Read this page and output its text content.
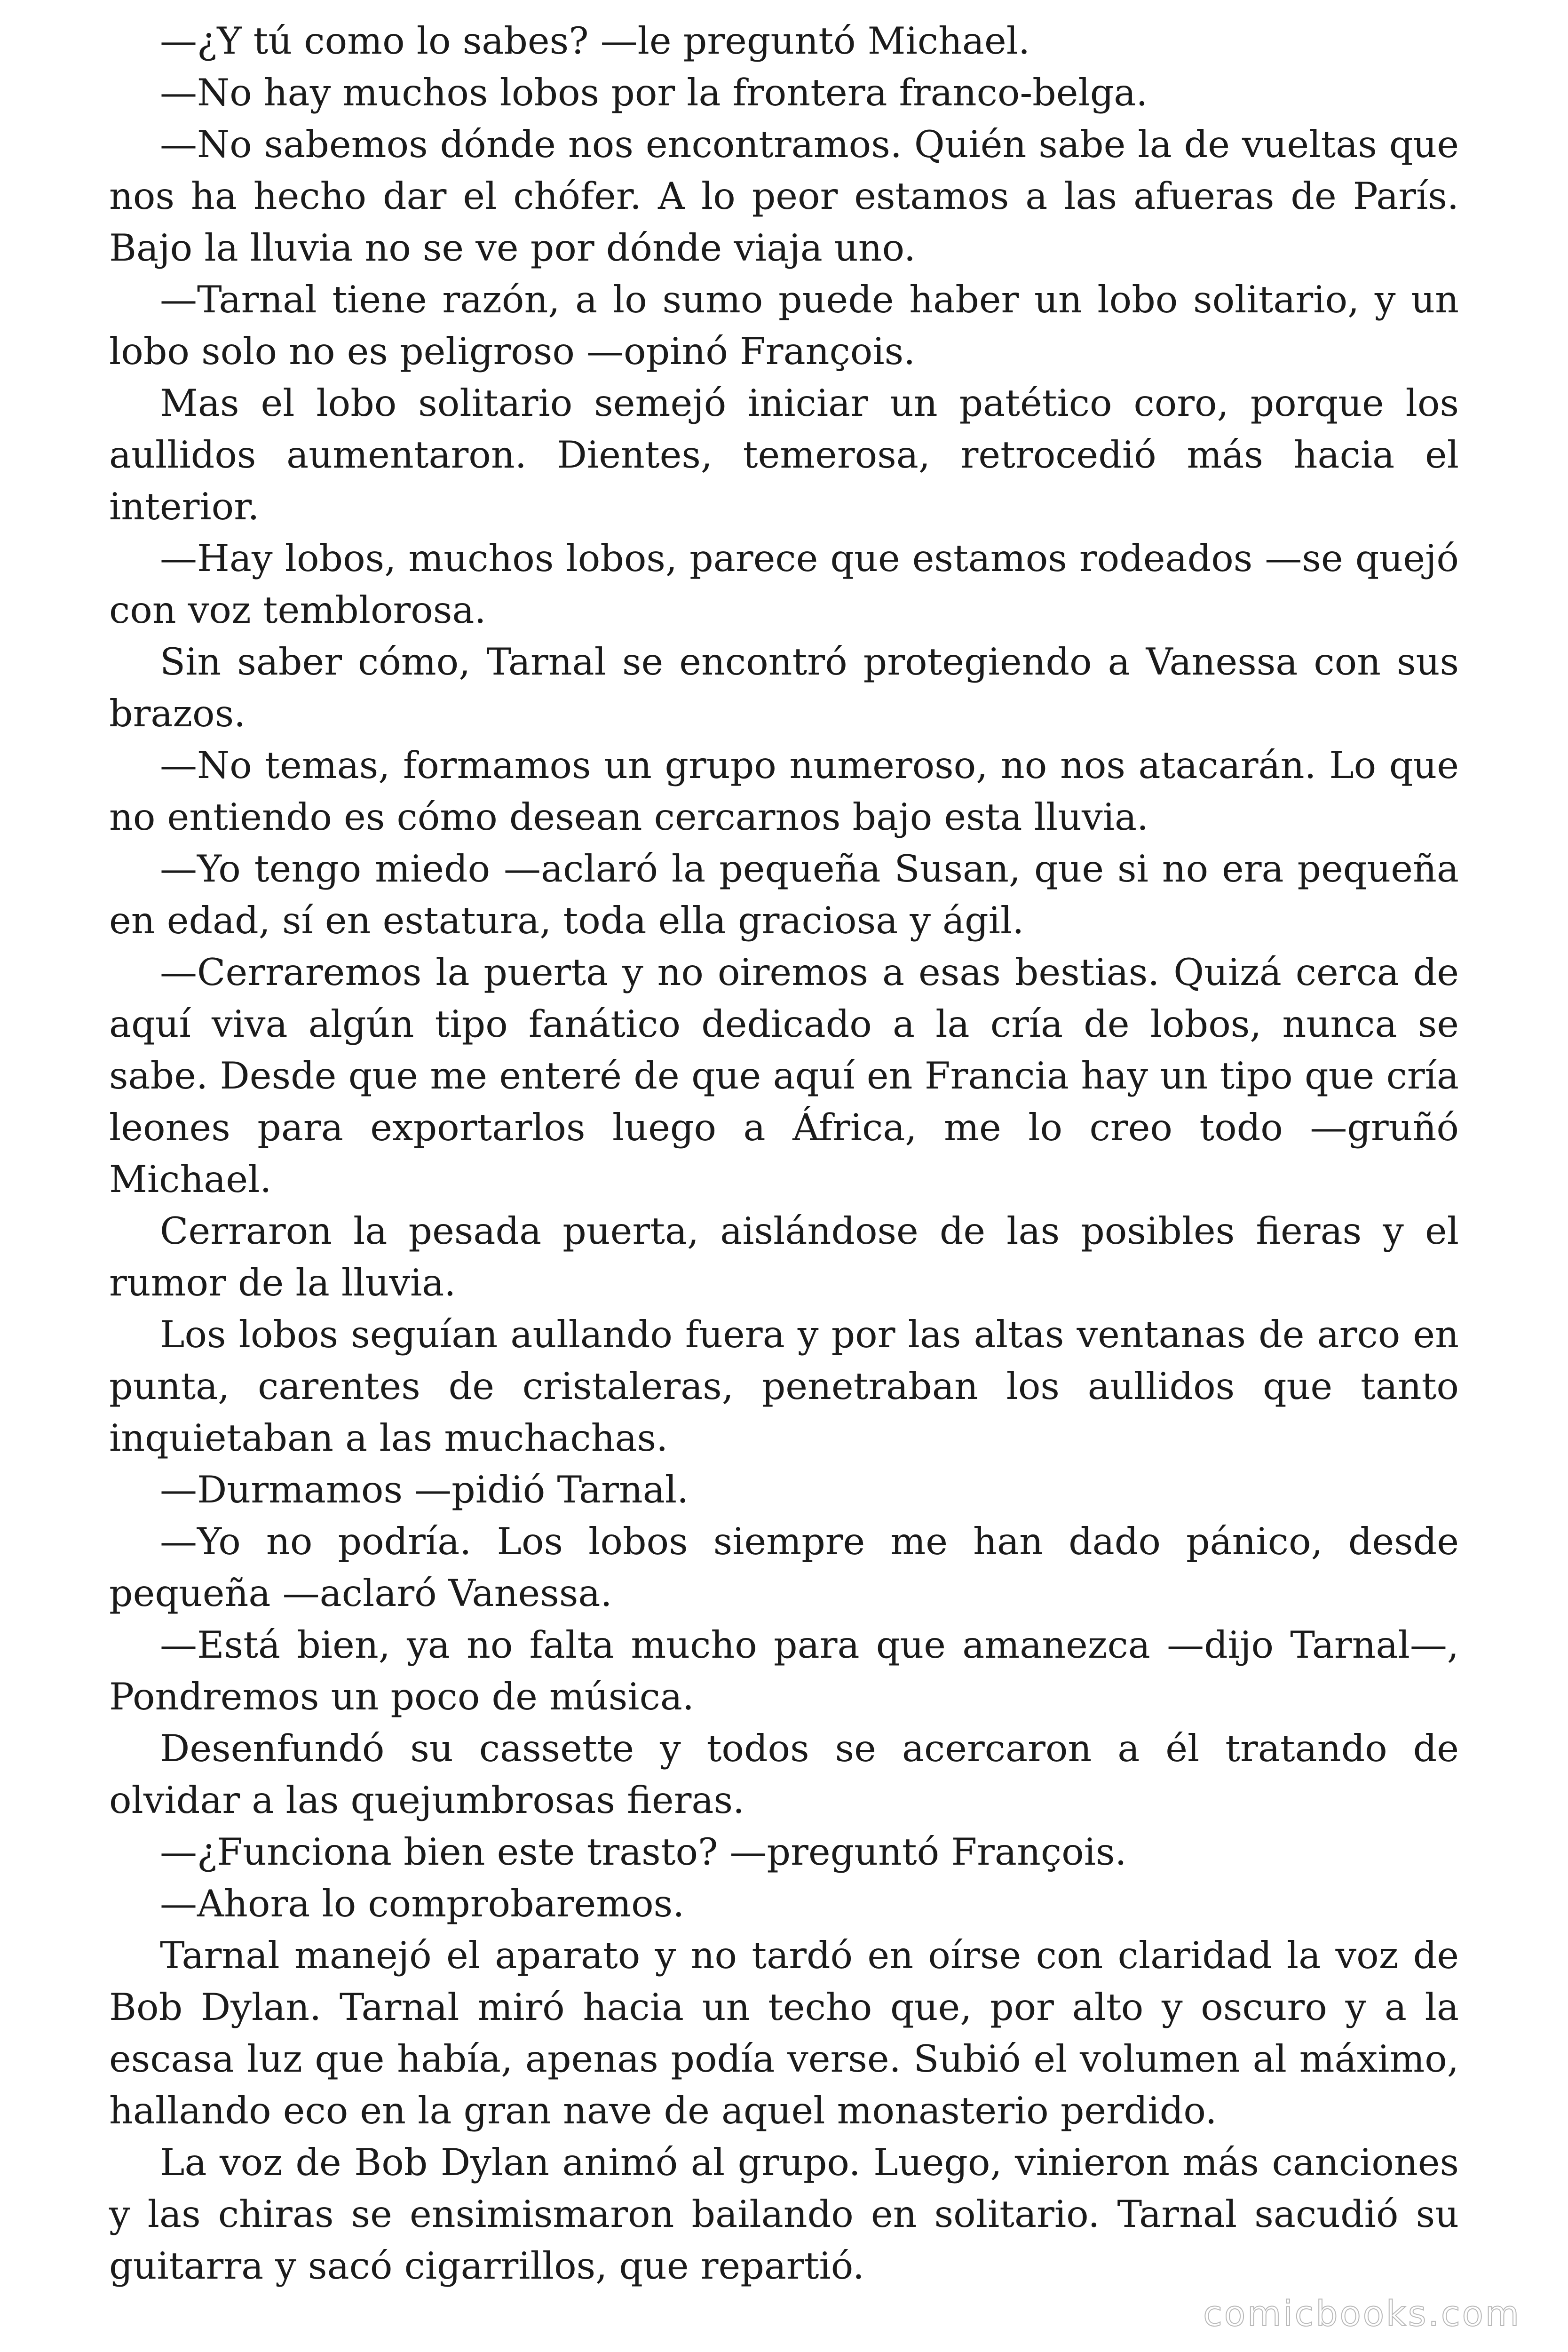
—¿Y tú como lo sabes? —le preguntó Michael.

—No hay muchos lobos por la frontera franco-belga.

—No sabemos dónde nos encontramos. Quién sabe la de vueltas que nos ha hecho dar el chófer. A lo peor estamos a las afueras de París. Bajo la lluvia no se ve por dónde viaja uno.

—Tarnal tiene razón, a lo sumo puede haber un lobo solitario, y un lobo solo no es peligroso —opinó François.

Mas el lobo solitario semejó iniciar un patético coro, porque los aullidos aumentaron. Dientes, temerosa, retrocedió más hacia el interior.

—Hay lobos, muchos lobos, parece que estamos rodeados —se quejó con voz temblorosa.

Sin saber cómo, Tarnal se encontró protegiendo a Vanessa con sus brazos.

—No temas, formamos un grupo numeroso, no nos atacarán. Lo que no entiendo es cómo desean cercarnos bajo esta lluvia.

—Yo tengo miedo —aclaró la pequeña Susan, que si no era pequeña en edad, sí en estatura, toda ella graciosa y ágil.

—Cerraremos la puerta y no oiremos a esas bestias. Quizá cerca de aquí viva algún tipo fanático dedicado a la cría de lobos, nunca se sabe. Desde que me enteré de que aquí en Francia hay un tipo que cría leones para exportarlos luego a África, me lo creo todo —gruñó Michael.

Cerraron la pesada puerta, aislándose de las posibles fieras y el rumor de la lluvia.

Los lobos seguían aullando fuera y por las altas ventanas de arco en punta, carentes de cristaleras, penetraban los aullidos que tanto inquietaban a las muchachas.

—Durmamos —pidió Tarnal.

—Yo no podría. Los lobos siempre me han dado pánico, desde pequeña —aclaró Vanessa.

—Está bien, ya no falta mucho para que amanezca —dijo Tarnal—, Pondremos un poco de música.

Desenfundó su cassette y todos se acercaron a él tratando de olvidar a las quejumbrosas fieras.

—¿Funciona bien este trasto? —preguntó François.

—Ahora lo comprobaremos.

Tarnal manejó el aparato y no tardó en oírse con claridad la voz de Bob Dylan. Tarnal miró hacia un techo que, por alto y oscuro y a la escasa luz que había, apenas podía verse. Subió el volumen al máximo, hallando eco en la gran nave de aquel monasterio perdido.

La voz de Bob Dylan animó al grupo. Luego, vinieron más canciones y las chiras se ensimismaron bailando en solitario. Tarnal sacudió su guitarra y sacó cigarrillos, que repartió.

comicbooks.com
